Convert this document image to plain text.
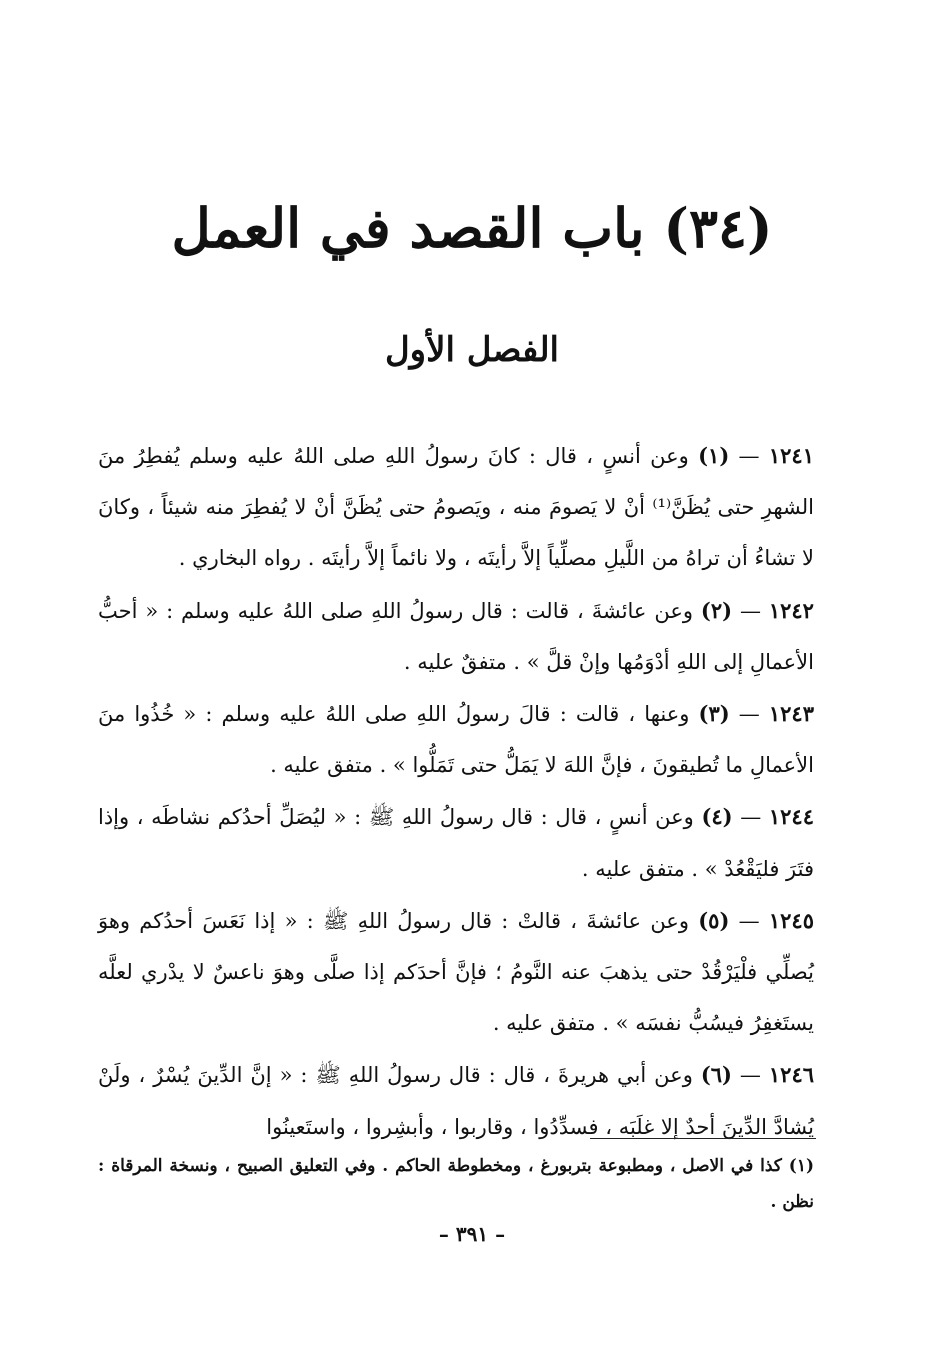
(٣٤) باب القصد في العمل
الفصل الأول

١٢٤١ — (١) وعن أنسٍ ، قال : كانَ رسولُ اللهِ صلى اللهُ عليه وسلم يُفطِرُ منَ الشهرِ حتى يُظَنَّ⁽¹⁾ أنْ لا يَصومَ منه ، ويَصومُ حتى يُظَنَّ أنْ لا يُفطِرَ منه شيئاً ، وكانَ لا تشاءُ أن تراهُ من اللَّيلِ مصلِّياً إلاَّ رأيتَه ، ولا نائماً إلاَّ رأيتَه . رواه البخاري .

١٢٤٢ — (٢) وعن عائشةَ ، قالت : قال رسولُ اللهِ صلى اللهُ عليه وسلم : « أحبُّ الأعمالِ إلى اللهِ أدْوَمُها وإنْ قلَّ » . متفقٌ عليه .

١٢٤٣ — (٣) وعنها ، قالت : قالَ رسولُ اللهِ صلى اللهُ عليه وسلم : « خُذُوا منَ الأعمالِ ما تُطيقونَ ، فإنَّ اللهَ لا يَمَلُّ حتى تَمَلُّوا » . متفق عليه .

١٢٤٤ — (٤) وعن أنسٍ ، قال : قال رسولُ اللهِ ﷺ : « ليُصَلِّ أحدُكم نشاطَه ، وإذا فتَرَ فليَقْعُدْ » . متفق عليه .

١٢٤٥ — (٥) وعن عائشةَ ، قالتْ : قال رسولُ اللهِ ﷺ : « إذا نَعَسَ أحدُكم وهوَ يُصلِّي فلْيَرْقُدْ حتى يذهبَ عنه النَّومُ ؛ فإنَّ أحدَكم إذا صلَّى وهوَ ناعسٌ لا يدْري لعلَّه يستَغفِرُ فيسُبُّ نفسَه » . متفق عليه .

١٢٤٦ — (٦) وعن أبي هريرةَ ، قال : قال رسولُ اللهِ ﷺ : « إنَّ الدِّينَ يُسْرٌ ، ولَنْ يُشادَّ الدِّينَ أحدٌ إلا غلَبَه ، فسدِّدُوا ، وقاربوا ، وأبشِروا ، واستَعينُوا

(١) كذا في الاصل ، ومطبوعة بتربورغ ، ومخطوطة الحاكم . وفي التعليق الصبيح ، ونسخة المرقاة : نظن .

– ٣٩١ –
